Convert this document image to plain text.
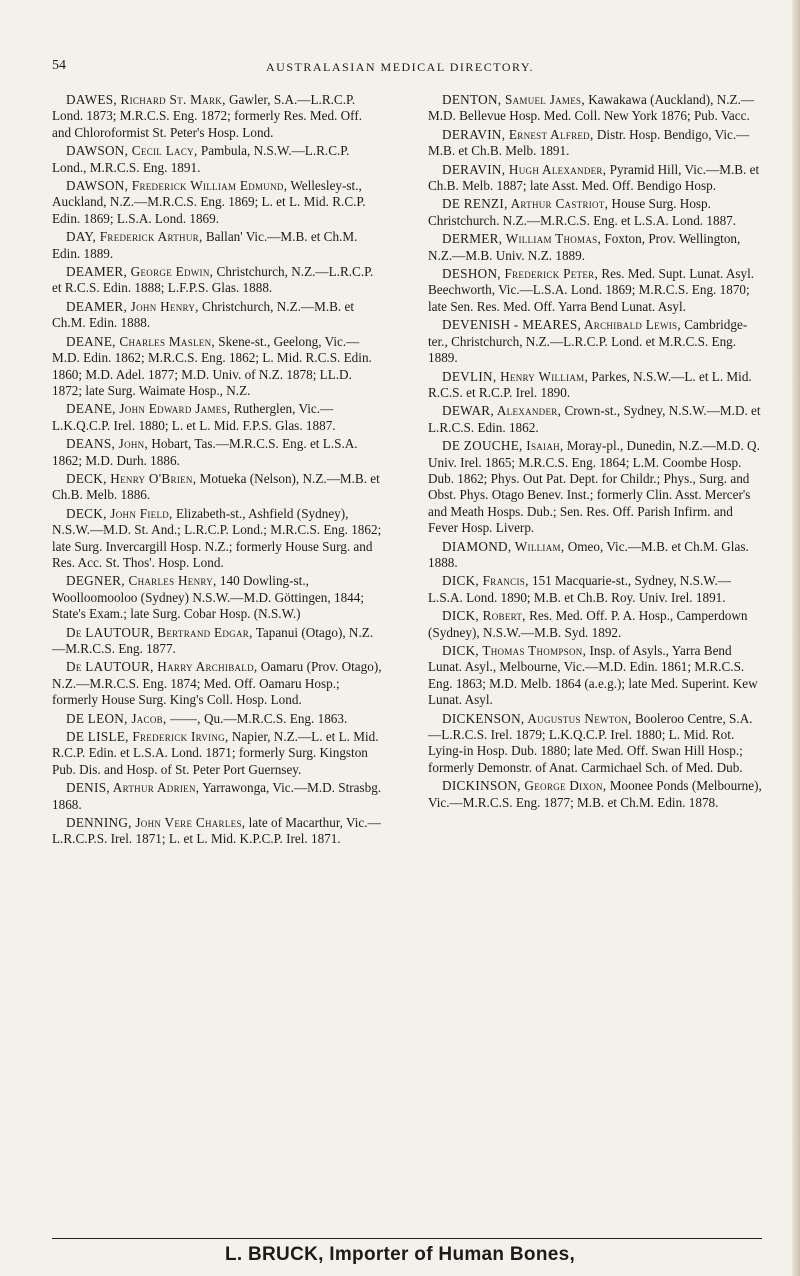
54	AUSTRALASIAN MEDICAL DIRECTORY.

DAWES, Richard St. Mark, Gawler, S.A.—L.R.C.P. Lond. 1873; M.R.C.S. Eng. 1872; formerly Res. Med. Off. and Chloroformist St. Peter's Hosp. Lond.

DAWSON, Cecil Lacy, Pambula, N.S.W.—L.R.C.P. Lond., M.R.C.S. Eng. 1891.

DAWSON, Frederick William Edmund, Wellesley-st., Auckland, N.Z.—M.R.C.S. Eng. 1869; L. et L. Mid. R.C.P. Edin. 1869; L.S.A. Lond. 1869.

DAY, Frederick Arthur, Ballan' Vic.—M.B. et Ch.M. Edin. 1889.

DEAMER, George Edwin, Christchurch, N.Z.—L.R.C.P. et R.C.S. Edin. 1888; L.F.P.S. Glas. 1888.

DEAMER, John Henry, Christchurch, N.Z.—M.B. et Ch.M. Edin. 1888.

DEANE, Charles Maslen, Skene-st., Geelong, Vic.—M.D. Edin. 1862; M.R.C.S. Eng. 1862; L. Mid. R.C.S. Edin. 1860; M.D. Adel. 1877; M.D. Univ. of N.Z. 1878; LL.D. 1872; late Surg. Waimate Hosp., N.Z.

DEANE, John Edward James, Rutherglen, Vic.—L.K.Q.C.P. Irel. 1880; L. et L. Mid. F.P.S. Glas. 1887.

DEANS, John, Hobart, Tas.—M.R.C.S. Eng. et L.S.A. 1862; M.D. Durh. 1886.

DECK, Henry O'Brien, Motueka (Nelson), N.Z.—M.B. et Ch.B. Melb. 1886.

DECK, John Field, Elizabeth-st., Ashfield (Sydney), N.S.W.—M.D. St. And.; L.R.C.P. Lond.; M.R.C.S. Eng. 1862; late Surg. Invercargill Hosp. N.Z.; formerly House Surg. and Res. Acc. St. Thos'. Hosp. Lond.

DEGNER, Charles Henry, 140 Dowling-st., Woolloomooloo (Sydney) N.S.W.—M.D. Göttingen, 1844; State's Exam.; late Surg. Cobar Hosp. (N.S.W.)

De LAUTOUR, Bertrand Edgar, Tapanui (Otago), N.Z.—M.R.C.S. Eng. 1877.

De LAUTOUR, Harry Archibald, Oamaru (Prov. Otago), N.Z.—M.R.C.S. Eng. 1874; Med. Off. Oamaru Hosp.; formerly House Surg. King's Coll. Hosp. Lond.

DE LEON, Jacob, ——, Qu.—M.R.C.S. Eng. 1863.

DE LISLE, Frederick Irving, Napier, N.Z.—L. et L. Mid. R.C.P. Edin. et L.S.A. Lond. 1871; formerly Surg. Kingston Pub. Dis. and Hosp. of St. Peter Port Guernsey.

DENIS, Arthur Adrien, Yarrawonga, Vic.—M.D. Strasbg. 1868.

DENNING, John Vere Charles, late of Macarthur, Vic.—L.R.C.P.S. Irel. 1871; L. et L. Mid. K.P.C.P. Irel. 1871.

DENTON, Samuel James, Kawakawa (Auckland), N.Z.—M.D. Bellevue Hosp. Med. Coll. New York 1876; Pub. Vacc.

DERAVIN, Ernest Alfred, Distr. Hosp. Bendigo, Vic.—M.B. et Ch.B. Melb. 1891.

DERAVIN, Hugh Alexander, Pyramid Hill, Vic.—M.B. et Ch.B. Melb. 1887; late Asst. Med. Off. Bendigo Hosp.

DE RENZI, Arthur Castriot, House Surg. Hosp. Christchurch. N.Z.—M.R.C.S. Eng. et L.S.A. Lond. 1887.

DERMER, William Thomas, Foxton, Prov. Wellington, N.Z.—M.B. Univ. N.Z. 1889.

DESHON, Frederick Peter, Res. Med. Supt. Lunat. Asyl. Beechworth, Vic.—L.S.A. Lond. 1869; M.R.C.S. Eng. 1870; late Sen. Res. Med. Off. Yarra Bend Lunat. Asyl.

DEVENISH - MEARES, Archibald Lewis, Cambridge-ter., Christchurch, N.Z.—L.R.C.P. Lond. et M.R.C.S. Eng. 1889.

DEVLIN, Henry William, Parkes, N.S.W.—L. et L. Mid. R.C.S. et R.C.P. Irel. 1890.

DEWAR, Alexander, Crown-st., Sydney, N.S.W.—M.D. et L.R.C.S. Edin. 1862.

DE ZOUCHE, Isaiah, Moray-pl., Dunedin, N.Z.—M.D. Q. Univ. Irel. 1865; M.R.C.S. Eng. 1864; L.M. Coombe Hosp. Dub. 1862; Phys. Out Pat. Dept. for Childr.; Phys., Surg. and Obst. Phys. Otago Benev. Inst.; formerly Clin. Asst. Mercer's and Meath Hosps. Dub.; Sen. Res. Off. Parish Infirm. and Fever Hosp. Liverp.

DIAMOND, William, Omeo, Vic.—M.B. et Ch.M. Glas. 1888.

DICK, Francis, 151 Macquarie-st., Sydney, N.S.W.—L.S.A. Lond. 1890; M.B. et Ch.B. Roy. Univ. Irel. 1891.

DICK, Robert, Res. Med. Off. P. A. Hosp., Camperdown (Sydney), N.S.W.—M.B. Syd. 1892.

DICK, Thomas Thompson, Insp. of Asyls., Yarra Bend Lunat. Asyl., Melbourne, Vic.—M.D. Edin. 1861; M.R.C.S. Eng. 1863; M.D. Melb. 1864 (a.e.g.); late Med. Superint. Kew Lunat. Asyl.

DICKENSON, Augustus Newton, Booleroo Centre, S.A.—L.R.C.S. Irel. 1879; L.K.Q.C.P. Irel. 1880; L. Mid. Rot. Lying-in Hosp. Dub. 1880; late Med. Off. Swan Hill Hosp.; formerly Demonstr. of Anat. Carmichael Sch. of Med. Dub.

DICKINSON, George Dixon, Moonee Ponds (Melbourne), Vic.—M.R.C.S. Eng. 1877; M.B. et Ch.M. Edin. 1878.

L. BRUCK, Importer of Human Bones,
